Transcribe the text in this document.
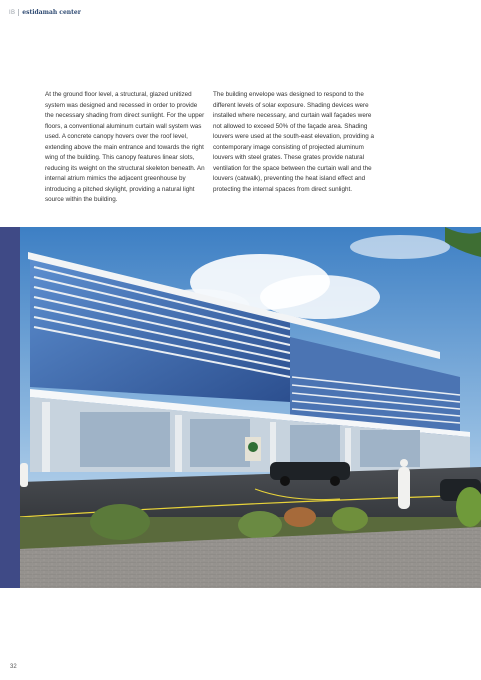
IB estidamah center

At the ground floor level, a structural, glazed unitized system was designed and recessed in order to provide the necessary shading from direct sunlight. For the upper floors, a conventional aluminum curtain wall system was used. A concrete canopy hovers over the roof level, extending above the main entrance and towards the right wing of the building. This canopy features linear slots, reducing its weight on the structural skeleton beneath. An internal atrium mimics the adjacent greenhouse by introducing a pitched skylight, providing a natural light source within the building.

The building envelope was designed to respond to the different levels of solar exposure. Shading devices were installed where necessary, and curtain wall façades were not allowed to exceed 50% of the façade area. Shading louvers were used at the south-east elevation, providing a contemporary image consisting of projected aluminum louvers with steel grates. These grates provide natural ventilation for the space between the curtain wall and the louvers (catwalk), preventing the heat island effect and protecting the internal spaces from direct sunlight.

32
